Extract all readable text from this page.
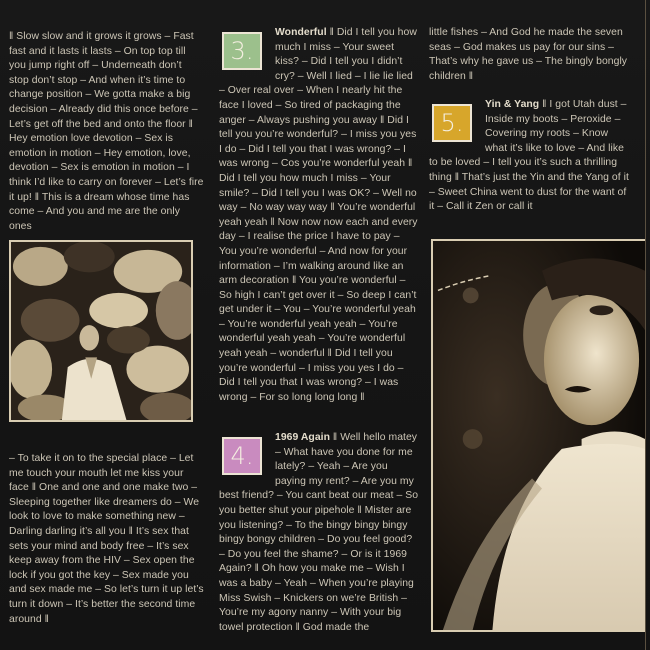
‖ Slow slow and it grows it grows – Fast fast and it lasts it lasts – On top top till you jump right off – Underneath don’t stop don’t stop – And when it’s time to change position – We gotta make a big decision – Already did this once before – Let’s get off the bed and onto the floor ‖ Hey emotion love devotion – Sex is emotion in motion – Hey emotion, love, devotion – Sex is emotion in motion – I think I’d like to carry on forever – Let’s fire it up! ‖ This is a dream whose time has come – And you and me are the only ones

– To take it on to the special place – Let me touch your mouth let me kiss your face ‖ One and one and one make two – Sleeping together like dreamers do – We look to love to make something new – Darling darling it’s all you ‖ It’s sex that sets your mind and body free – It’s sex keep away from the HIV – Sex open the lock if you got the key – Sex made you and sex made me – So let’s turn it up let’s turn it down – It’s better the second time around ‖

3.

Wonderful ‖ Did I tell you how much I miss – Your sweet kiss? – Did I tell you I didn’t cry? – Well I lied – I lie lie lied – Over real over – When I nearly hit the face I loved – So tired of packaging the anger – Always pushing you away ‖ Did I tell you you’re wonderful? – I miss you yes I do – Did I tell you that I was wrong? – I was wrong – Cos you’re wonderful yeah ‖ Did I tell you how much I miss – Your smile? – Did I tell you I was OK? – Well no way – No way way way ‖ You’re wonderful yeah yeah ‖ Now now now each and every day – I realise the price I have to pay – You you’re wonderful – And now for your information – I’m walking around like an arm decoration ‖ You you’re wonderful – So high I can’t get over it – So deep I can’t get under it – You – You’re wonderful yeah – You’re wonderful yeah yeah – You’re wonderful yeah yeah – You’re wonderful yeah yeah – wonderful ‖ Did I tell you you’re wonderful – I miss you yes I do – Did I tell you that I was wrong? – I was wrong – For so long long long ‖

4.

1969 Again ‖ Well hello matey – What have you done for me lately? – Yeah – Are you paying my rent? – Are you my best friend? – You cant beat our meat – So you better shut your pipehole ‖ Mister are you listening? – To the bingy bingy bingy bingy bongy children – Do you feel good? – Do you feel the shame? – Or is it 1969 Again? ‖ Oh how you make me – Wish I was a baby – Yeah – When you’re playing Miss Swish – Knickers on we’re British – You’re my agony nanny – With your big towel protection ‖ God made the

little fishes – And God he made the seven seas – God makes us pay for our sins – That’s why he gave us – The bingly bongly children ‖

5.

Yin & Yang ‖ I got Utah dust – Inside my boots – Peroxide – Covering my roots – Know what it’s like to love – And like to be loved – I tell you it’s such a thrilling thing ‖ That’s just the Yin and the Yang of it – Sweet China went to dust for the want of it – Call it Zen or call it
